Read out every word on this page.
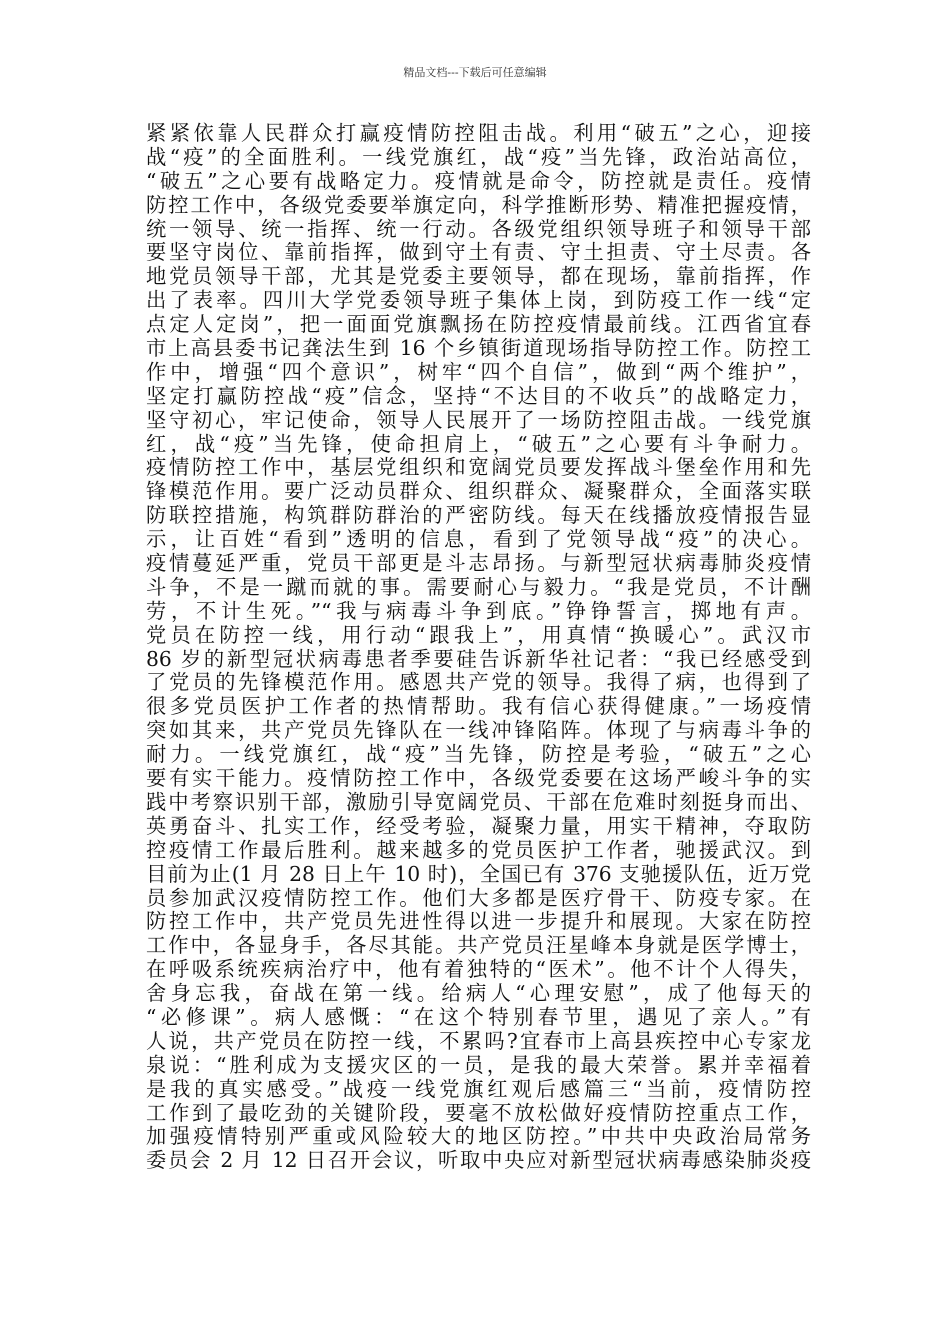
精品文档---下载后可任意编辑
紧紧依靠人民群众打赢疫情防控阻击战。利用“破五”之心，迎接
战“疫”的全面胜利。一线党旗红，战“疫”当先锋，政治站高位，
“破五”之心要有战略定力。疫情就是命令，防控就是责任。疫情
防控工作中，各级党委要举旗定向，科学推断形势、精准把握疫情，
统一领导、统一指挥、统一行动。各级党组织领导班子和领导干部
要坚守岗位、靠前指挥，做到守土有责、守土担责、守土尽责。各
地党员领导干部，尤其是党委主要领导，都在现场，靠前指挥，作
出了表率。四川大学党委领导班子集体上岗，到防疫工作一线“定
点定人定岗”，把一面面党旗飘扬在防控疫情最前线。江西省宜春
市上高县委书记龚法生到 16 个乡镇街道现场指导防控工作。防控工
作中，增强“四个意识”，树牢“四个自信”，做到“两个维护”，
坚定打赢防控战“疫”信念，坚持“不达目的不收兵”的战略定力，
坚守初心，牢记使命，领导人民展开了一场防控阻击战。一线党旗
红，战“疫”当先锋，使命担肩上，“破五”之心要有斗争耐力。
疫情防控工作中，基层党组织和宽阔党员要发挥战斗堡垒作用和先
锋模范作用。要广泛动员群众、组织群众、凝聚群众，全面落实联
防联控措施，构筑群防群治的严密防线。每天在线播放疫情报告显
示，让百姓“看到”透明的信息，看到了党领导战“疫”的决心。
疫情蔓延严重，党员干部更是斗志昂扬。与新型冠状病毒肺炎疫情
斗争，不是一蹴而就的事。需要耐心与毅力。“我是党员，不计酬
劳，不计生死。”“我与病毒斗争到底。”铮铮誓言，掷地有声。
党员在防控一线，用行动“跟我上”，用真情“换暖心”。武汉市
86 岁的新型冠状病毒患者季要硅告诉新华社记者：“我已经感受到
了党员的先锋模范作用。感恩共产党的领导。我得了病，也得到了
很多党员医护工作者的热情帮助。我有信心获得健康。”一场疫情
突如其来，共产党员先锋队在一线冲锋陷阵。体现了与病毒斗争的
耐力。一线党旗红，战“疫”当先锋，防控是考验，“破五”之心
要有实干能力。疫情防控工作中，各级党委要在这场严峻斗争的实
践中考察识别干部，激励引导宽阔党员、干部在危难时刻挺身而出、
英勇奋斗、扎实工作，经受考验，凝聚力量，用实干精神，夺取防
控疫情工作最后胜利。越来越多的党员医护工作者，驰援武汉。到
目前为止(1 月 28 日上午 10 时)，全国已有 376 支驰援队伍，近万党
员参加武汉疫情防控工作。他们大多都是医疗骨干、防疫专家。在
防控工作中，共产党员先进性得以进一步提升和展现。大家在防控
工作中，各显身手，各尽其能。共产党员汪星峰本身就是医学博士，
在呼吸系统疾病治疗中，他有着独特的“医术”。他不计个人得失，
舍身忘我，奋战在第一线。给病人“心理安慰”，成了他每天的
“必修课”。病人感慨：“在这个特别春节里，遇见了亲人。”有
人说，共产党员在防控一线，不累吗?宜春市上高县疾控中心专家龙
泉说：“胜利成为支援灾区的一员，是我的最大荣誉。累并幸福着
是我的真实感受。”战疫一线党旗红观后感篇三“当前，疫情防控
工作到了最吃劲的关键阶段，要毫不放松做好疫情防控重点工作，
加强疫情特别严重或风险较大的地区防控。”中共中央政治局常务
委员会 2 月 12 日召开会议，听取中央应对新型冠状病毒感染肺炎疫
